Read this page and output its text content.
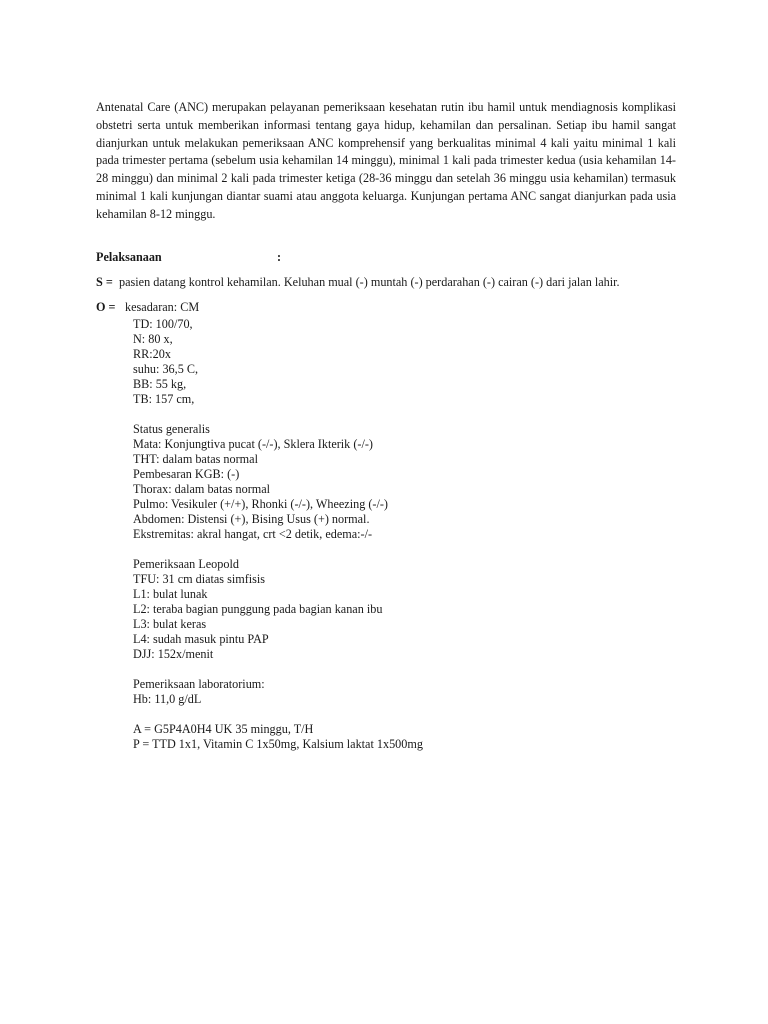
Antenatal Care (ANC) merupakan pelayanan pemeriksaan kesehatan rutin ibu hamil untuk mendiagnosis komplikasi obstetri serta untuk memberikan informasi tentang gaya hidup, kehamilan dan persalinan. Setiap ibu hamil sangat dianjurkan untuk melakukan pemeriksaan ANC komprehensif yang berkualitas minimal 4 kali yaitu minimal 1 kali pada trimester pertama (sebelum usia kehamilan 14 minggu), minimal 1 kali pada trimester kedua (usia kehamilan 14-28 minggu) dan minimal 2 kali pada trimester ketiga (28-36 minggu dan setelah 36 minggu usia kehamilan) termasuk minimal 1 kali kunjungan diantar suami atau anggota keluarga. Kunjungan pertama ANC sangat dianjurkan pada usia kehamilan 8-12 minggu.

Pelaksanaan	:

S = pasien datang kontrol kehamilan. Keluhan mual (-) muntah (-) perdarahan (-) cairan (-) dari jalan lahir.

O = kesadaran: CM

TD: 100/70,
N: 80 x,
RR:20x
suhu: 36,5 C,
BB: 55 kg,
TB: 157 cm,
Status generalis
Mata: Konjungtiva pucat (-/-), Sklera Ikterik (-/-)
THT: dalam batas normal
Pembesaran KGB: (-)
Thorax: dalam batas normal
Pulmo: Vesikuler (+/+), Rhonki (-/-), Wheezing (-/-)
Abdomen: Distensi (+), Bising Usus (+) normal.
Ekstremitas: akral hangat, crt <2 detik, edema:-/-
Pemeriksaan Leopold
TFU: 31 cm diatas simfisis
L1: bulat lunak
L2: teraba bagian punggung pada bagian kanan ibu
L3: bulat keras
L4: sudah masuk pintu PAP
DJJ: 152x/menit
Pemeriksaan laboratorium:
Hb: 11,0 g/dL
A = G5P4A0H4 UK 35 minggu, T/H
P = TTD 1x1, Vitamin C 1x50mg, Kalsium laktat 1x500mg
